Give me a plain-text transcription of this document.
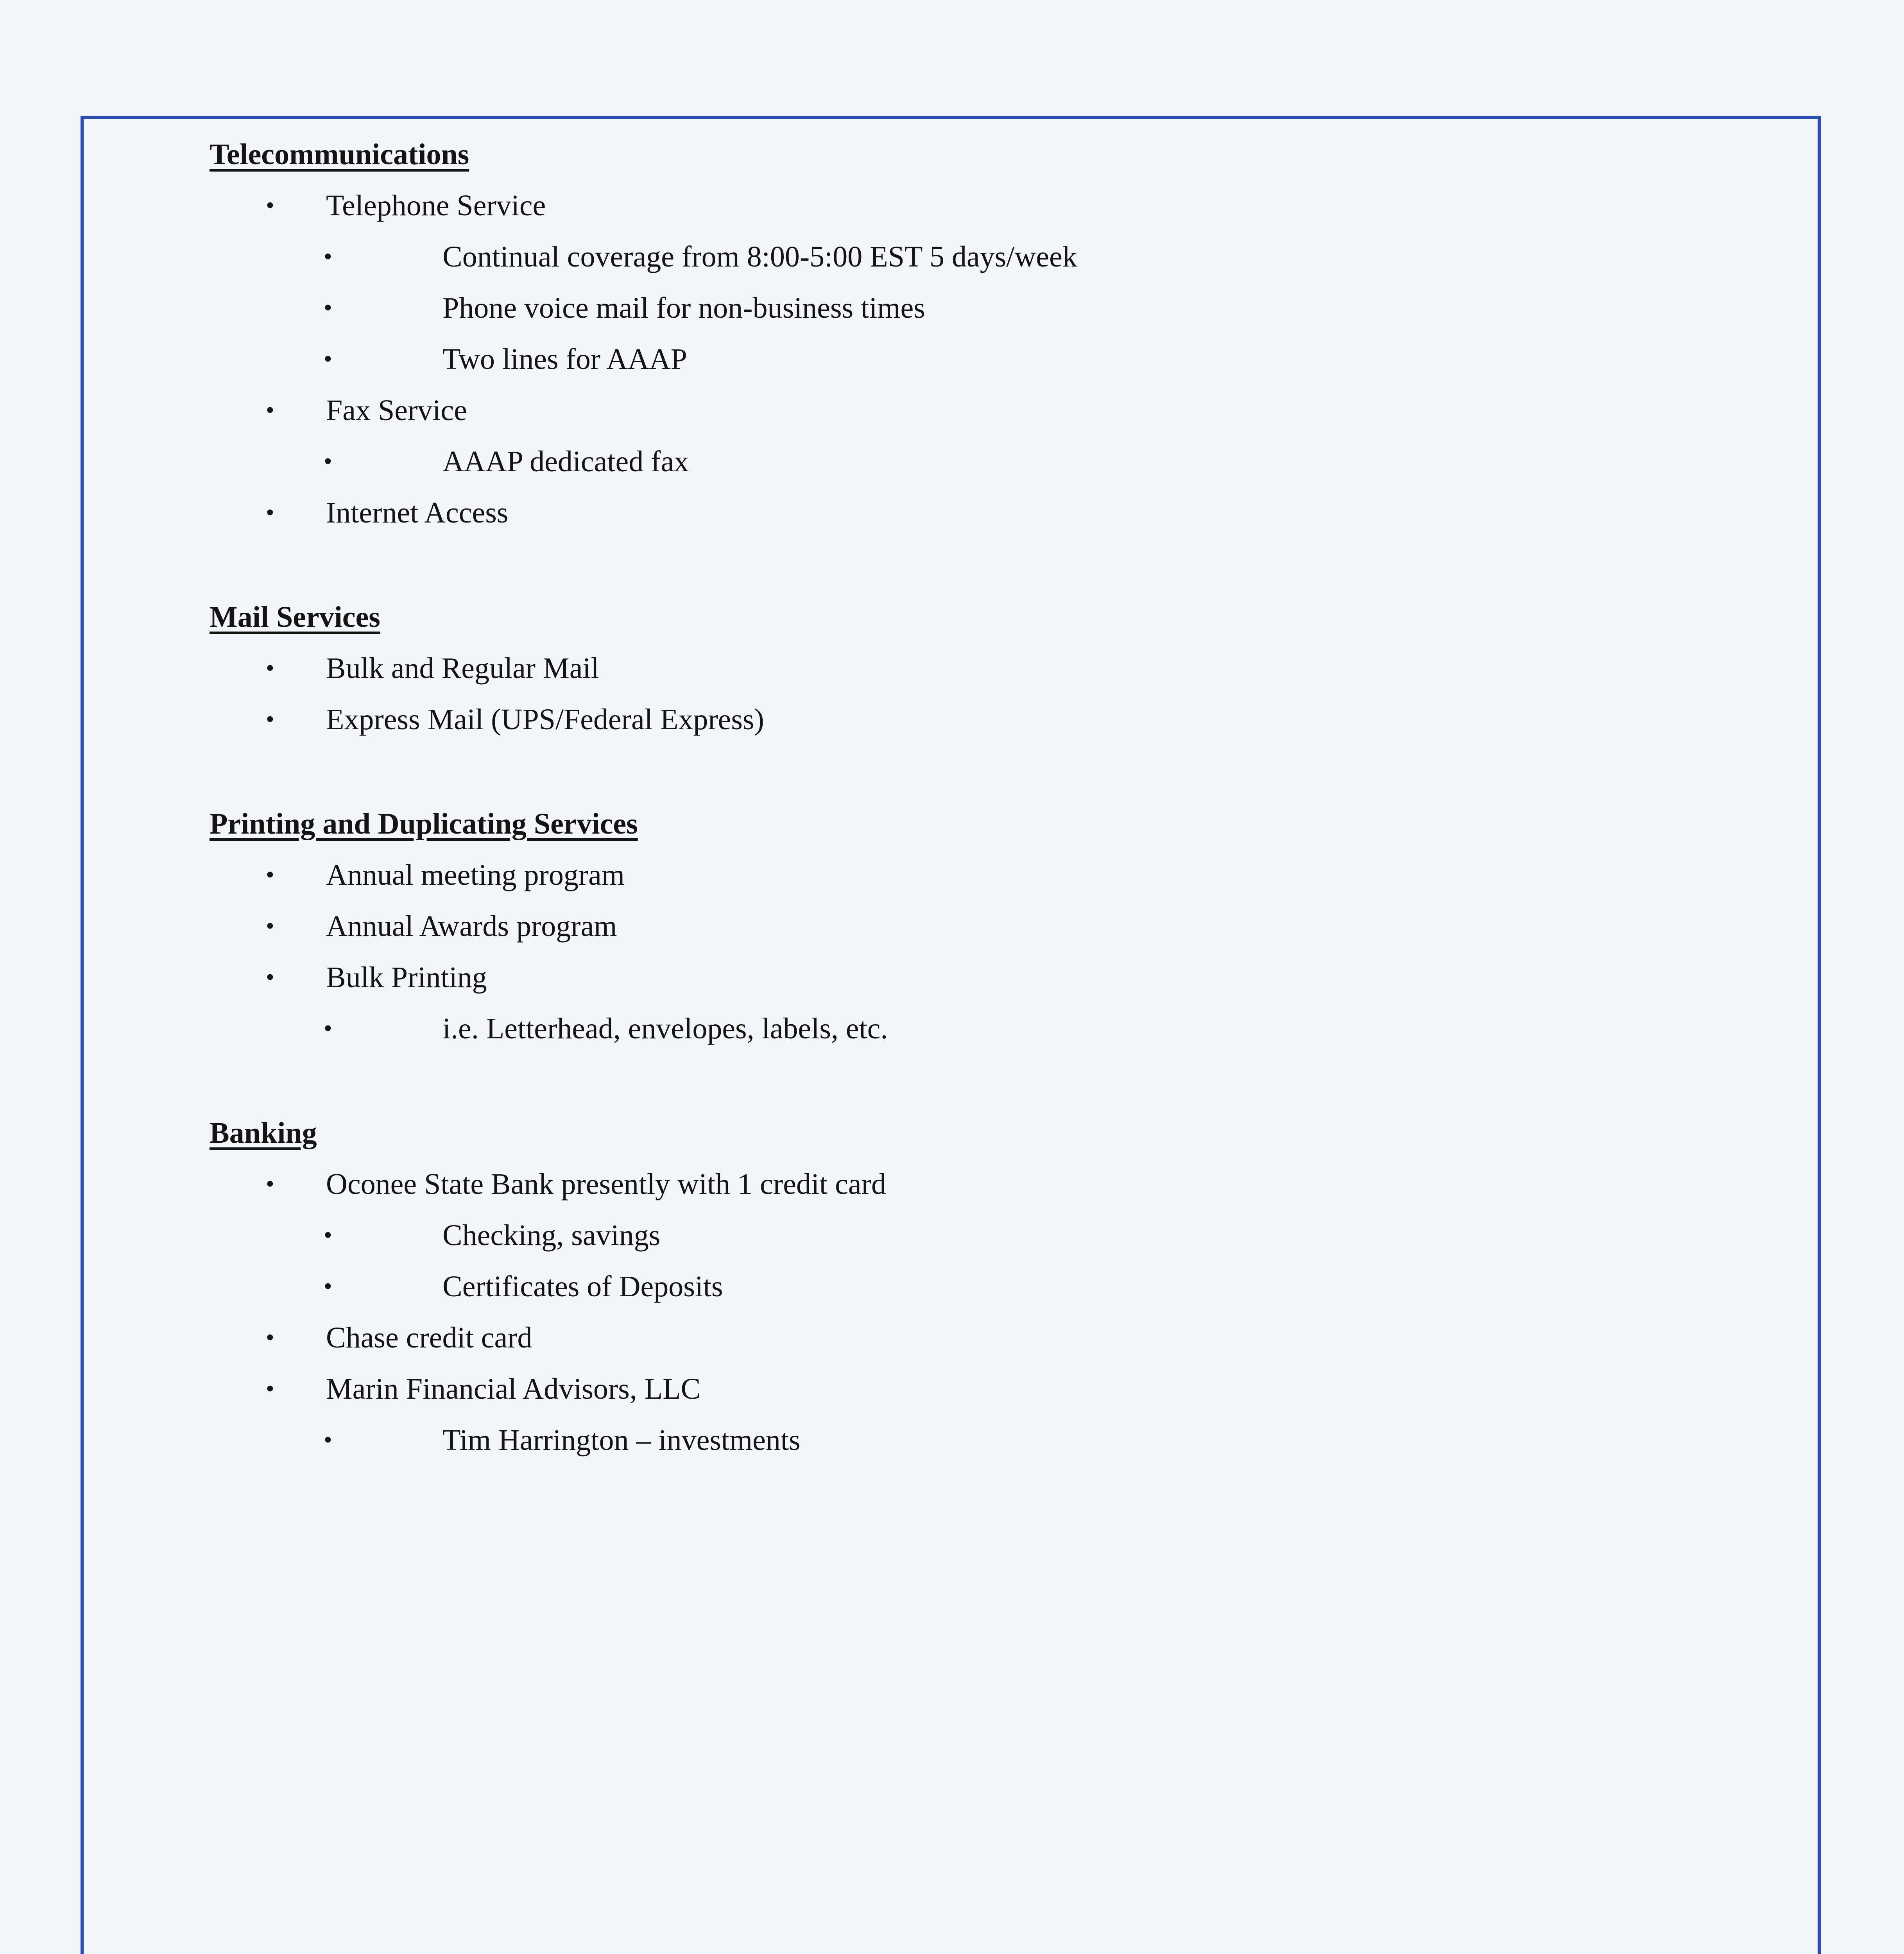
Telecommunications
• Telephone Service
•	Continual coverage from 8:00-5:00 EST 5 days/week
•	Phone voice mail for non-business times
•	Two lines for AAAP
• Fax Service
•	AAAP dedicated fax
• Internet Access
Mail Services
• Bulk and Regular Mail
• Express Mail (UPS/Federal Express)
Printing and Duplicating Services
• Annual meeting program
• Annual Awards program
• Bulk Printing
•	i.e. Letterhead, envelopes, labels, etc.
Banking
• Oconee State Bank presently with 1 credit card
•	Checking, savings
•	Certificates of Deposits
• Chase credit card
• Marin Financial Advisors, LLC
•	Tim Harrington – investments
